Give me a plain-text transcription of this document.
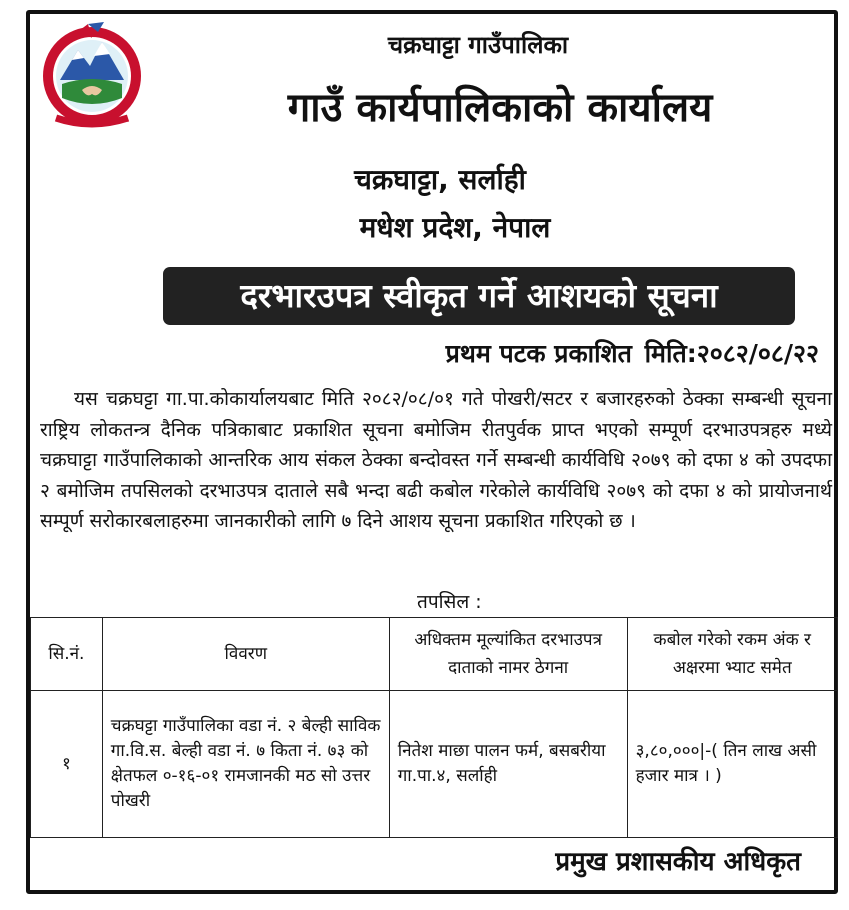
चक्रघाट्टा गाउँपालिका
गाउँ कार्यपालिकाको कार्यालय
चक्रघाट्टा, सर्लाही
मधेश प्रदेश, नेपाल
दरभारउपत्र स्वीकृत गर्ने आशयको सूचना
प्रथम पटक प्रकाशित मिति:२०८२/०८/२२
यस चक्रघट्टा गा.पा.कोकार्यालयबाट मिति २०८२/०८/०१ गते पोखरी/सटर र बजारहरुको ठेक्का सम्बन्धी सूचना राष्ट्रिय लोकतन्त्र दैनिक पत्रिकाबाट प्रकाशित सूचना बमोजिम रीतपुर्वक प्राप्त भएको सम्पूर्ण दरभाउपत्रहरु मध्ये चक्रघाट्टा गाउँपालिकाको आन्तरिक आय संकल ठेक्का बन्दोवस्त गर्ने सम्बन्धी कार्यविधि २०७९ को दफा ४ को उपदफा २ बमोजिम तपसिलको दरभाउपत्र दाताले सबै भन्दा बढी कबोल गरेकोले कार्यविधि २०७९ को दफा ४ को प्रायोजनार्थ सम्पूर्ण सरोकारबलाहरुमा जानकारीको लागि ७ दिने आशय सूचना प्रकाशित गरिएको छ ।
तपसिल :
सि.नं.	विवरण	अधिक्तम मूल्यांकित दरभाउपत्र दाताको नामर ठेगना	कबोल गरेको रकम अंक र अक्षरमा भ्याट समेत
१	चक्रघट्टा गाउँपालिका वडा नं. २ बेल्ही साविक गा.वि.स. बेल्ही वडा नं. ७ किता नं. ७३ को क्षेतफल ०-१६-०१ रामजानकी मठ सो उत्तर पोखरी	नितेश माछा पालन फर्म, बसबरीया गा.पा.४, सर्लाही	३,८०,०००|-( तिन लाख असी हजार मात्र । )
प्रमुख प्रशासकीय अधिकृत
